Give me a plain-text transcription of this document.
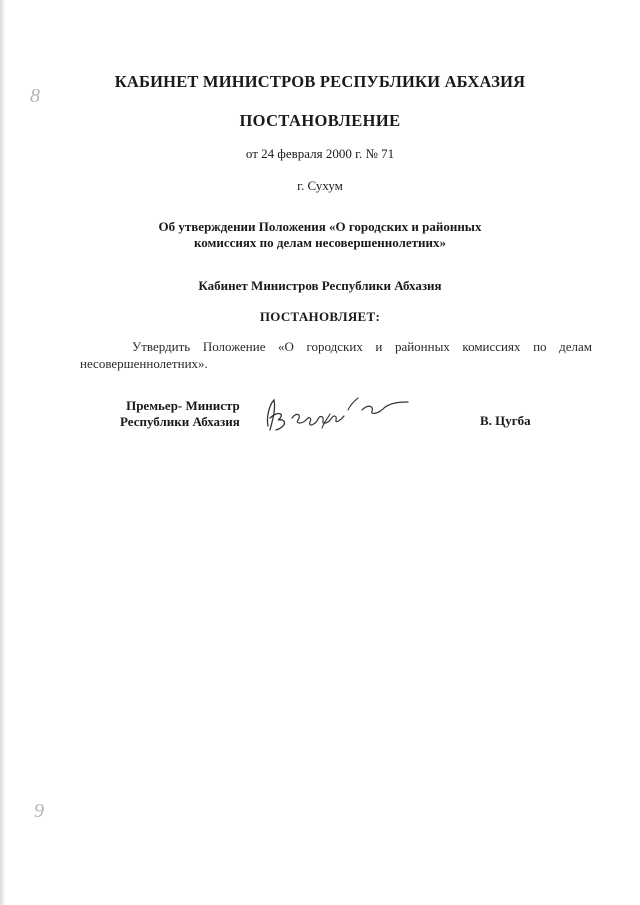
8
9
КАБИНЕТ МИНИСТРОВ РЕСПУБЛИКИ АБХАЗИЯ
ПОСТАНОВЛЕНИЕ
от 24 февраля 2000 г. № 71
г. Сухум
Об утверждении Положения «О городских и районных
комиссиях по делам несовершеннолетних»
Кабинет Министров Республики Абхазия
ПОСТАНОВЛЯЕТ:
Утвердить Положение «О городских и районных комиссиях по делам несовершеннолетних».
Премьер- Министр
Республики Абхазия	В. Цугба
